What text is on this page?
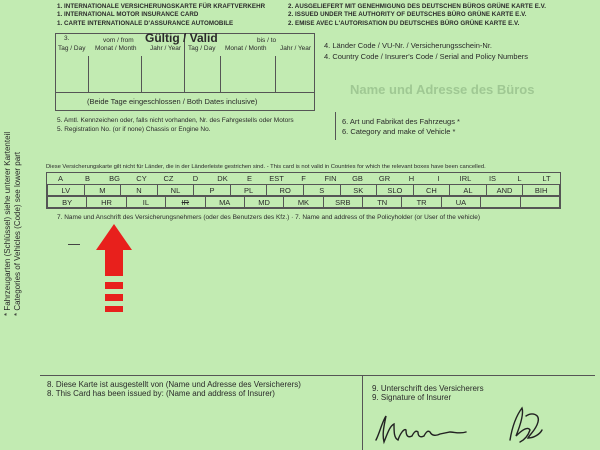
1. INTERNATIONALE VERSICHERUNGSKARTE FÜR KRAFTVERKEHR
1. INTERNATIONAL MOTOR INSURANCE CARD
1. CARTE INTERNATIONALE D'ASSURANCE AUTOMOBILE
2. AUSGELIEFERT MIT GENEHMIGUNG DES DEUTSCHEN BÜROS GRÜNE KARTE E.V.
2. ISSUED UNDER THE AUTHORITY OF DEUTSCHES BÜRO GRÜNE KARTE E.V.
2. EMISE AVEC L'AUTORISATION DU DEUTSCHES BÜRO GRÜNE KARTE E.V.
* Fahrzeugarten (Schlüssel) siehe unterer Kartenteil * Categories of Vehicles (Code) see lower part
3.	vom / from Gültig / Valid	bis / to
Tag / Day Monat / Month Jahr / Year Tag / Day Monat / Month Jahr / Year
(Beide Tage eingeschlossen / Both Dates inclusive)
4. Länder Code / VU-Nr. / Versicherungsschein-Nr.
4. Country Code / Insurer's Code / Serial and Policy Numbers
Name und Adresse des Büros
5. Amtl. Kennzeichen oder, falls nicht vorhanden, Nr. des Fahrgestells oder Motors
5. Registration No. (or if none) Chassis or Engine No.
6. Art und Fabrikat des Fahrzeugs *
6. Category and make of Vehicle *
Diese Versicherungskarte gilt nicht für Länder, die in der Länderleiste gestrichen sind. - This card is not valid in Countries for which the relevant boxes have been cancelled.
A	B	BG	CY	CZ	D	DK	E	EST	F	FIN	GB	GR	H	I	IRL	IS	L	LT
LV	M	N	NL	P	PL	RO	S	SK	SLO	CH	AL	AND	BIH
BY	HR	IL	IR	MA	MD	MK	SRB	TN	TR	UA		
7. Name und Anschrift des Versicherungsnehmers (oder des Benutzers des Kfz.) · 7. Name and address of the Policyholder (or User of the vehicle)
8. Diese Karte ist ausgestellt von (Name und Adresse des Versicherers)
8. This Card has been issued by: (Name and address of Insurer)
9. Unterschrift des Versicherers
9. Signature of Insurer
